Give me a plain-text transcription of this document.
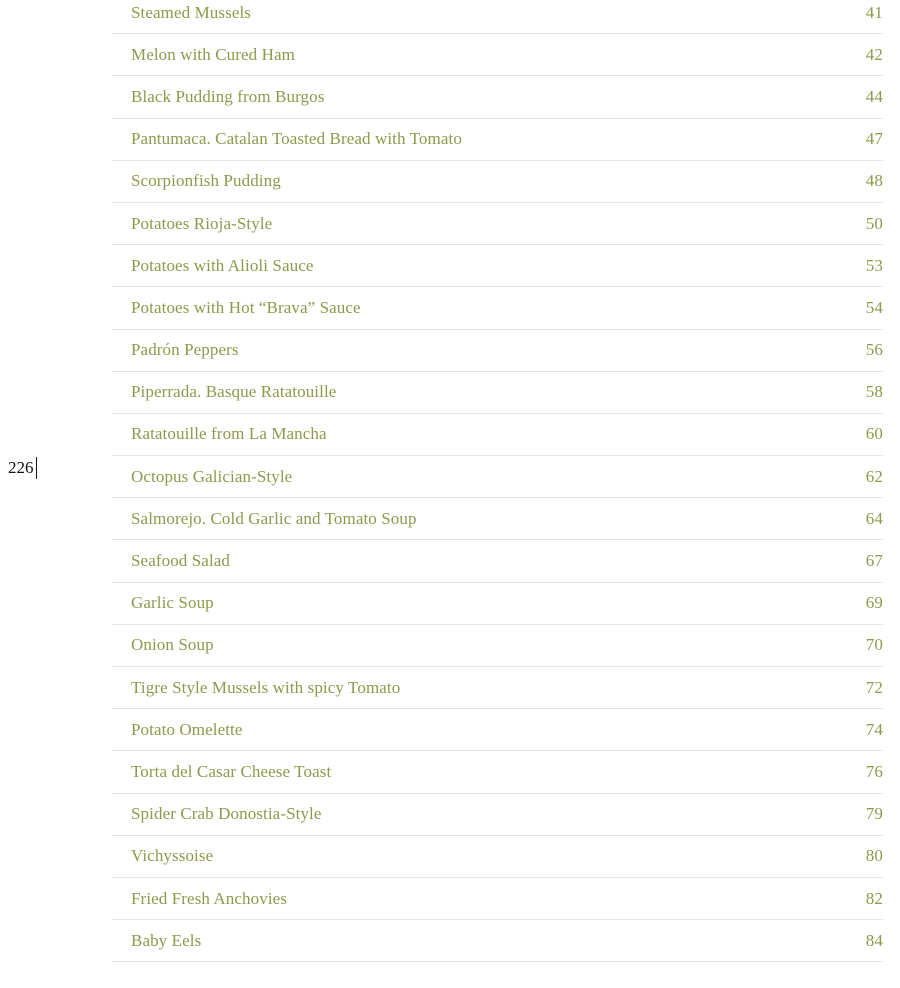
226
Steamed Mussels	41
Melon with Cured Ham	42
Black Pudding from Burgos	44
Pantumaca. Catalan Toasted Bread with Tomato	47
Scorpionfish Pudding	48
Potatoes Rioja-Style	50
Potatoes with Alioli Sauce	53
Potatoes with Hot “Brava” Sauce	54
Padrón Peppers	56
Piperrada. Basque Ratatouille	58
Ratatouille from La Mancha	60
Octopus Galician-Style	62
Salmorejo. Cold Garlic and Tomato Soup	64
Seafood Salad	67
Garlic Soup	69
Onion Soup	70
Tigre Style Mussels with spicy Tomato	72
Potato Omelette	74
Torta del Casar Cheese Toast	76
Spider Crab Donostia-Style	79
Vichyssoise	80
Fried Fresh Anchovies	82
Baby Eels	84
